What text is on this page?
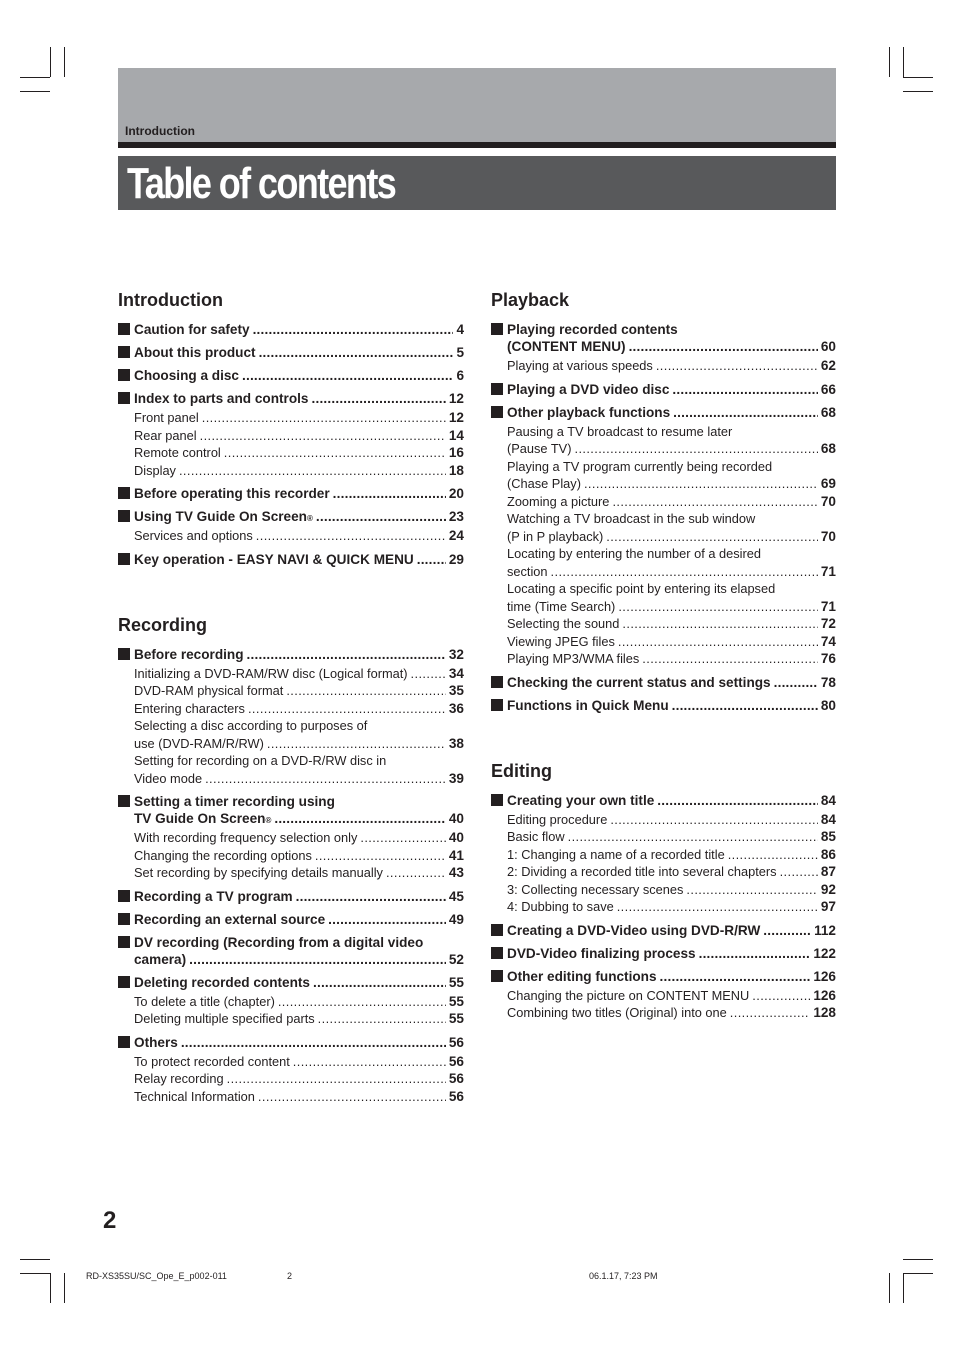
Introduction
Table of contents
Introduction
Caution for safety .....	4
About this product .....	5
Choosing a disc .....	6
Index to parts and controls .....	12
Front panel .....	12
Rear panel .....	14
Remote control .....	16
Display .....	18
Before operating this recorder .....	20
Using TV Guide On Screen ® .....	23
Services and options .....	24
Key operation - EASY NAVI & QUICK MENU .....	29
Recording
Before recording .....	32
Initializing a DVD-RAM/RW disc (Logical format) .....	34
DVD-RAM physical format .....	35
Entering characters .....	36
Selecting a disc according to purposes of
use (DVD-RAM/R/RW) .....	38
Setting for recording on a DVD-R/RW disc in
Video mode .....	39
Setting a timer recording using
TV Guide On Screen ® .....	40
With recording frequency selection only .....	40
Changing the recording options .....	41
Set recording by specifying details manually .....	43
Recording a TV program .....	45
Recording an external source .....	49
DV recording (Recording from a digital video
camera) .....	52
Deleting recorded contents .....	55
To delete a title (chapter) .....	55
Deleting multiple specified parts .....	55
Others .....	56
To protect recorded content .....	56
Relay recording .....	56
Technical Information .....	56
Playback
Playing recorded contents
(CONTENT MENU) .....	60
Playing at various speeds .....	62
Playing a DVD video disc .....	66
Other playback functions .....	68
Pausing a TV broadcast to resume later
(Pause TV) .....	68
Playing a TV program currently being recorded
(Chase Play) .....	69
Zooming a picture .....	70
Watching a TV broadcast in the sub window
(P in P playback) .....	70
Locating by entering the number of a desired
section .....	71
Locating a specific point by entering its elapsed
time (Time Search) .....	71
Selecting the sound .....	72
Viewing JPEG files .....	74
Playing MP3/WMA files .....	76
Checking the current status and settings .....	78
Functions in Quick Menu .....	80
Editing
Creating your own title .....	84
Editing procedure .....	84
Basic flow .....	85
1: Changing a name of a recorded title .....	86
2: Dividing a recorded title into several chapters .....	87
3: Collecting necessary scenes .....	92
4: Dubbing to save .....	97
Creating a DVD-Video using DVD-R/RW .....	112
DVD-Video finalizing process .....	122
Other editing functions .....	126
Changing the picture on CONTENT MENU .....	126
Combining two titles (Original) into one .....	128
2
RD-XS35SU/SC_Ope_E_p002-011	2	06.1.17, 7:23 PM
